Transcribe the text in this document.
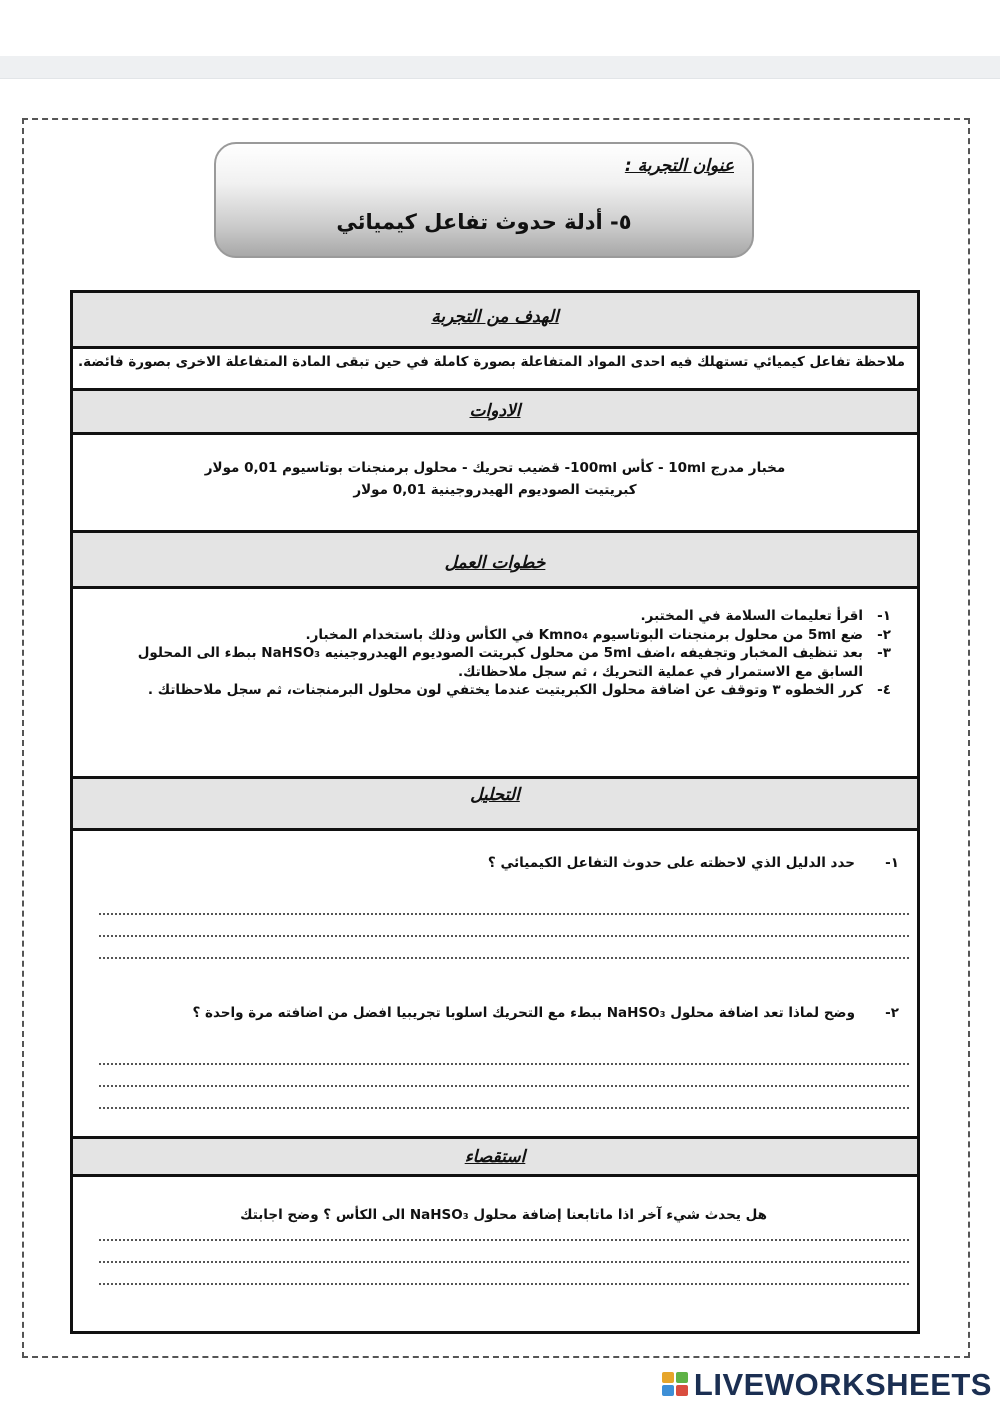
عنوان التجربة :
٥- أدلة حدوث تفاعل كيميائي
الهدف من التجربة
ملاحظة تفاعل كيميائي تستهلك فيه احدى المواد المتفاعلة بصورة كاملة في حين تبقى المادة المتفاعلة الاخرى بصورة فائضة.
الادوات
مخبار مدرج 10ml - كأس 100ml- قضيب تحريك - محلول برمنجنات بوتاسيوم 0,01 مولار
كبريتيت الصوديوم الهيدروجينية 0,01 مولار
خطوات العمل
١-
اقرأ تعليمات السلامة في المختبر.
٢-
ضع 5ml من محلول برمنجنات البوتاسيوم Kmno₄ في الكأس وذلك باستخدام المخبار.
٣-
بعد تنظيف المخبار وتجفيفه ،اضف 5ml من محلول كبريتت الصوديوم الهيدروجينيه NaHSO₃ ببطء الى المحلول السابق مع الاستمرار في عملية التحريك ، ثم سجل ملاحظاتك.
٤-
كرر الخطوه ٣ وتوقف عن اضافة محلول الكبريتيت عندما يختفي لون محلول البرمنجنات، ثم سجل ملاحظاتك .
التحليل
١-حدد الدليل الذي لاحظته على حدوث التفاعل الكيميائي ؟
٢-وضح لماذا تعد اضافة محلول NaHSO₃ ببطء مع التحريك اسلوبا تجريبيا افضل من اضافته مرة واحدة ؟
استقصاء
هل يحدث شيء آخر اذا ماتابعنا إضافة محلول NaHSO₃ الى الكأس ؟ وضح اجابتك
LIVEWORKSHEETS
